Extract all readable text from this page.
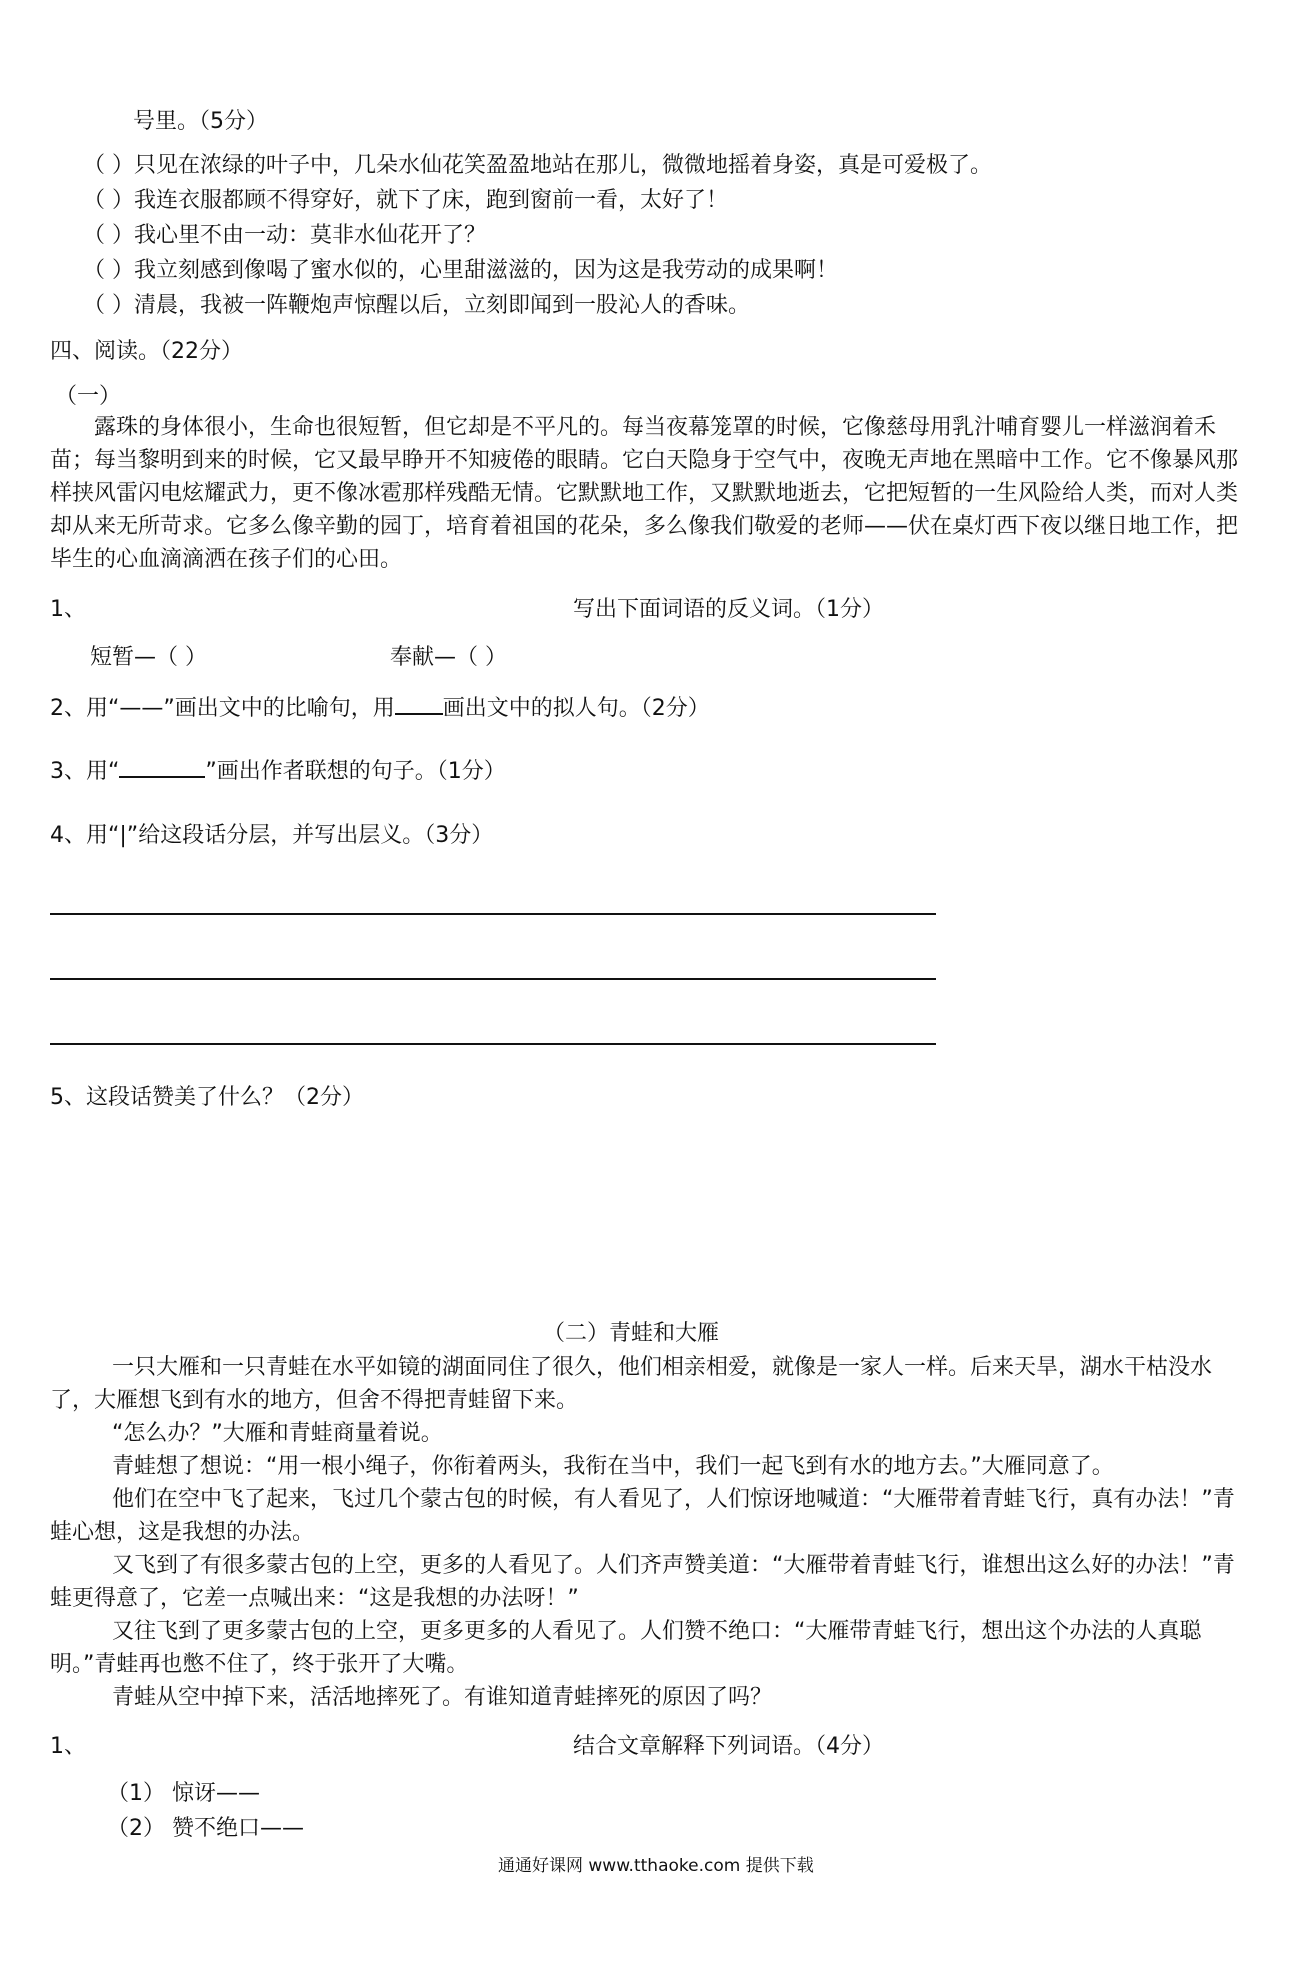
号里。（5分）
（ ）只见在浓绿的叶子中，几朵水仙花笑盈盈地站在那儿，微微地摇着身姿，真是可爱极了。
（ ）我连衣服都顾不得穿好，就下了床，跑到窗前一看，太好了！
（ ）我心里不由一动：莫非水仙花开了？
（ ）我立刻感到像喝了蜜水似的，心里甜滋滋的，因为这是我劳动的成果啊！
（ ）清晨，我被一阵鞭炮声惊醒以后，立刻即闻到一股沁人的香味。
四、阅读。（22分）
（一）
露珠的身体很小，生命也很短暂，但它却是不平凡的。每当夜幕笼罩的时候，它像慈母用乳汁哺育婴儿一样滋润着禾苗；每当黎明到来的时候，它又最早睁开不知疲倦的眼睛。它白天隐身于空气中，夜晚无声地在黑暗中工作。它不像暴风那样挟风雷闪电炫耀武力，更不像冰雹那样残酷无情。它默默地工作，又默默地逝去，它把短暂的一生风险给人类，而对人类却从来无所苛求。它多么像辛勤的园丁，培育着祖国的花朵，多么像我们敬爱的老师——伏在桌灯西下夜以继日地工作，把毕生的心血滴滴洒在孩子们的心田。
1、	写出下面词语的反义词。（1分）
短暂—（ ）	奉献—（ ）
2、用“——”画出文中的比喻句，用 画出文中的拟人句。（2分）
3、用“	”画出作者联想的句子。（1分）
4、用“|”给这段话分层，并写出层义。（3分）
5、这段话赞美了什么？（2分）
（二）青蛙和大雁
一只大雁和一只青蛙在水平如镜的湖面同住了很久，他们相亲相爱，就像是一家人一样。后来天旱，湖水干枯没水了，大雁想飞到有水的地方，但舍不得把青蛙留下来。
“怎么办？”大雁和青蛙商量着说。
青蛙想了想说：“用一根小绳子，你衔着两头，我衔在当中，我们一起飞到有水的地方去。”大雁同意了。
他们在空中飞了起来，飞过几个蒙古包的时候，有人看见了，人们惊讶地喊道：“大雁带着青蛙飞行，真有办法！”青蛙心想，这是我想的办法。
又飞到了有很多蒙古包的上空，更多的人看见了。人们齐声赞美道：“大雁带着青蛙飞行，谁想出这么好的办法！”青蛙更得意了，它差一点喊出来：“这是我想的办法呀！”
又往飞到了更多蒙古包的上空，更多更多的人看见了。人们赞不绝口：“大雁带青蛙飞行，想出这个办法的人真聪明。”青蛙再也憋不住了，终于张开了大嘴。
青蛙从空中掉下来，活活地摔死了。有谁知道青蛙摔死的原因了吗？
1、	结合文章解释下列词语。（4分）
（1） 惊讶——
（2） 赞不绝口——
通通好课网 www.tthaoke.com 提供下载
